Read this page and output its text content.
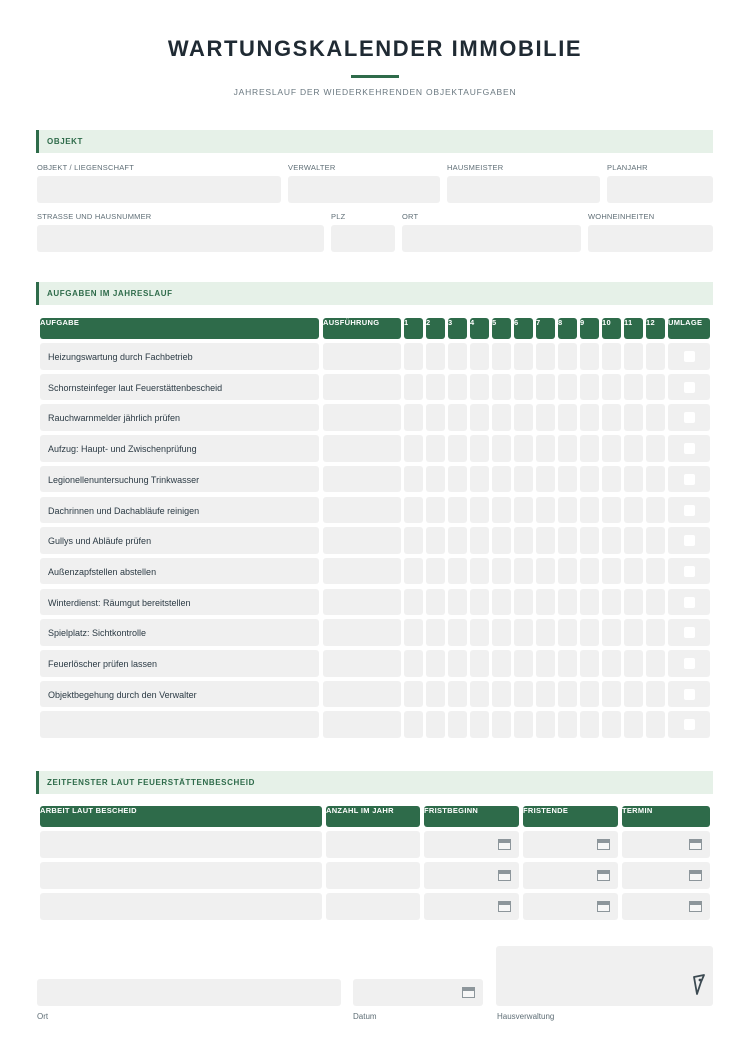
WARTUNGSKALENDER IMMOBILIE
JAHRESLAUF DER WIEDERKEHRENDEN OBJEKTAUFGABEN
OBJEKT
OBJEKT / LIEGENSCHAFT	VERWALTER	HAUSMEISTER	PLANJAHR
STRASSE UND HAUSNUMMER	PLZ	ORT	WOHNEINHEITEN
AUFGABEN IM JAHRESLAUF
AUFGABE	AUSFÜHRUNG	1	2	3	4	5	6	7	8	9	10	11	12	UMLAGE
Heizungswartung durch Fachbetrieb
Schornsteinfeger laut Feuerstättenbescheid
Rauchwarnmelder jährlich prüfen
Aufzug: Haupt- und Zwischenprüfung
Legionellenuntersuchung Trinkwasser
Dachrinnen und Dachabläufe reinigen
Gullys und Abläufe prüfen
Außenzapfstellen abstellen
Winterdienst: Räumgut bereitstellen
Spielplatz: Sichtkontrolle
Feuerlöscher prüfen lassen
Objektbegehung durch den Verwalter
ZEITFENSTER LAUT FEUERSTÄTTENBESCHEID
ARBEIT LAUT BESCHEID	ANZAHL IM JAHR	FRISTBEGINN	FRISTENDE	TERMIN
Ort	Datum	Hausverwaltung
